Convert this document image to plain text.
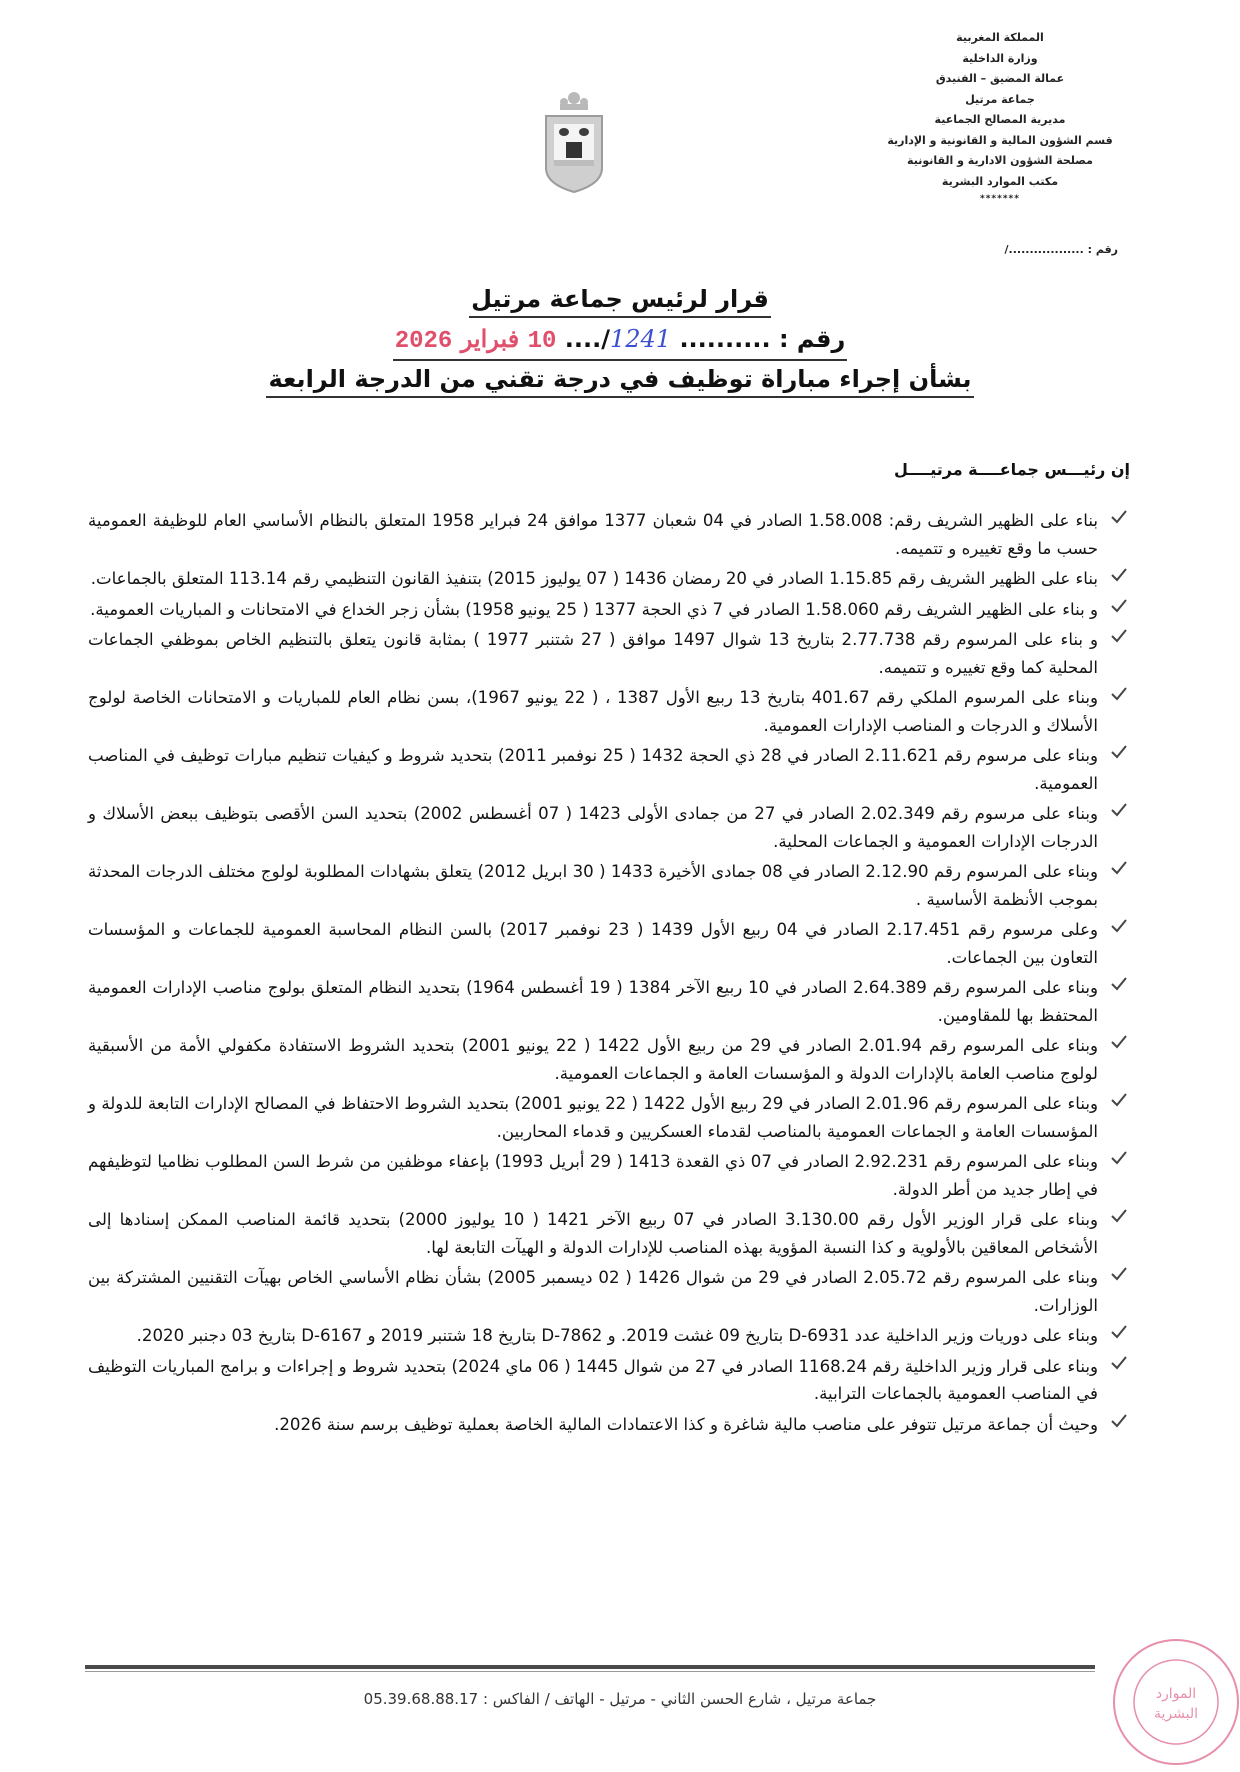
المملكة المغربية
وزارة الداخلية
عمالة المضيق – الفنيدق
جماعة مرتيل
مديرية المصالح الجماعية
قسم الشؤون المالية و القانونية و الإدارية
مصلحة الشؤون الادارية و القانونية
مكتب الموارد البشرية
*******
رقم : ................../
قرار لرئيس جماعة مرتيل
رقم : .......... 1241/.... 10 فبراير 2026
بشأن إجراء مباراة توظيف في درجة تقني من الدرجة الرابعة
إن رئيـــس جماعــــة مرتيــــل
بناء على الظهير الشريف رقم: 1.58.008 الصادر في 04 شعبان 1377 موافق 24 فبراير 1958 المتعلق بالنظام الأساسي العام للوظيفة العمومية حسب ما وقع تغييره و تتميمه.
بناء على الظهير الشريف رقم 1.15.85 الصادر في 20 رمضان 1436 ( 07 يوليوز 2015) بتنفيذ القانون التنظيمي رقم 113.14 المتعلق بالجماعات.
و بناء على الظهير الشريف رقم 1.58.060 الصادر في 7 ذي الحجة 1377 ( 25 يونيو 1958) بشأن زجر الخداع في الامتحانات و المباريات العمومية.
و بناء على المرسوم رقم 2.77.738 بتاريخ 13 شوال 1497 موافق ( 27 شتنبر 1977 ) بمثابة قانون يتعلق بالتنظيم الخاص بموظفي الجماعات المحلية كما وقع تغييره و تتميمه.
وبناء على المرسوم الملكي رقم 401.67 بتاريخ 13 ربيع الأول 1387 ، ( 22 يونيو 1967)، بسن نظام العام للمباريات و الامتحانات الخاصة لولوج الأسلاك و الدرجات و المناصب الإدارات العمومية.
وبناء على مرسوم رقم 2.11.621 الصادر في 28 ذي الحجة 1432 ( 25 نوفمبر 2011) بتحديد شروط و كيفيات تنظيم مبارات توظيف في المناصب العمومية.
وبناء على مرسوم رقم 2.02.349 الصادر في 27 من جمادى الأولى 1423 ( 07 أغسطس 2002) بتحديد السن الأقصى بتوظيف ببعض الأسلاك و الدرجات الإدارات العمومية و الجماعات المحلية.
وبناء على المرسوم رقم 2.12.90 الصادر في 08 جمادى الأخيرة 1433 ( 30 ابريل 2012) يتعلق بشهادات المطلوبة لولوج مختلف الدرجات المحدثة بموجب الأنظمة الأساسية .
وعلى مرسوم رقم 2.17.451 الصادر في 04 ربيع الأول 1439 ( 23 نوفمبر 2017) بالسن النظام المحاسبة العمومية للجماعات و المؤسسات التعاون بين الجماعات.
وبناء على المرسوم رقم 2.64.389 الصادر في 10 ربيع الآخر 1384 ( 19 أغسطس 1964) بتحديد النظام المتعلق بولوج مناصب الإدارات العمومية المحتفظ بها للمقاومين.
وبناء على المرسوم رقم 2.01.94 الصادر في 29 من ربيع الأول 1422 ( 22 يونيو 2001) بتحديد الشروط الاستفادة مكفولي الأمة من الأسبقية لولوج مناصب العامة بالإدارات الدولة و المؤسسات العامة و الجماعات العمومية.
وبناء على المرسوم رقم 2.01.96 الصادر في 29 ربيع الأول 1422 ( 22 يونيو 2001) بتحديد الشروط الاحتفاظ في المصالح الإدارات التابعة للدولة و المؤسسات العامة و الجماعات العمومية بالمناصب لقدماء العسكريين و قدماء المحاربين.
وبناء على المرسوم رقم 2.92.231 الصادر في 07 ذي القعدة 1413 ( 29 أبريل 1993) بإعفاء موظفين من شرط السن المطلوب نظاميا لتوظيفهم في إطار جديد من أطر الدولة.
وبناء على قرار الوزير الأول رقم 3.130.00 الصادر في 07 ربيع الآخر 1421 ( 10 يوليوز 2000) بتحديد قائمة المناصب الممكن إسنادها إلى الأشخاص المعاقين بالأولوية و كذا النسبة المؤوية بهذه المناصب للإدارات الدولة و الهيآت التابعة لها.
وبناء على المرسوم رقم 2.05.72 الصادر في 29 من شوال 1426 ( 02 ديسمبر 2005) بشأن نظام الأساسي الخاص بهيآت التقنيين المشتركة بين الوزارات.
وبناء على دوريات وزير الداخلية عدد D-6931 بتاريخ 09 غشت 2019. و D-7862 بتاريخ 18 شتنبر 2019 و D-6167 بتاريخ 03 دجنبر 2020.
وبناء على قرار وزير الداخلية رقم 1168.24 الصادر في 27 من شوال 1445 ( 06 ماي 2024) بتحديد شروط و إجراءات و برامج المباريات التوظيف في المناصب العمومية بالجماعات الترابية.
وحيث أن جماعة مرتيل تتوفر على مناصب مالية شاغرة و كذا الاعتمادات المالية الخاصة بعملية توظيف برسم سنة 2026.
جماعة مرتيل ، شارع الحسن الثاني - مرتيل - الهاتف / الفاكس : 05.39.68.88.17	الموارد
البشرية
